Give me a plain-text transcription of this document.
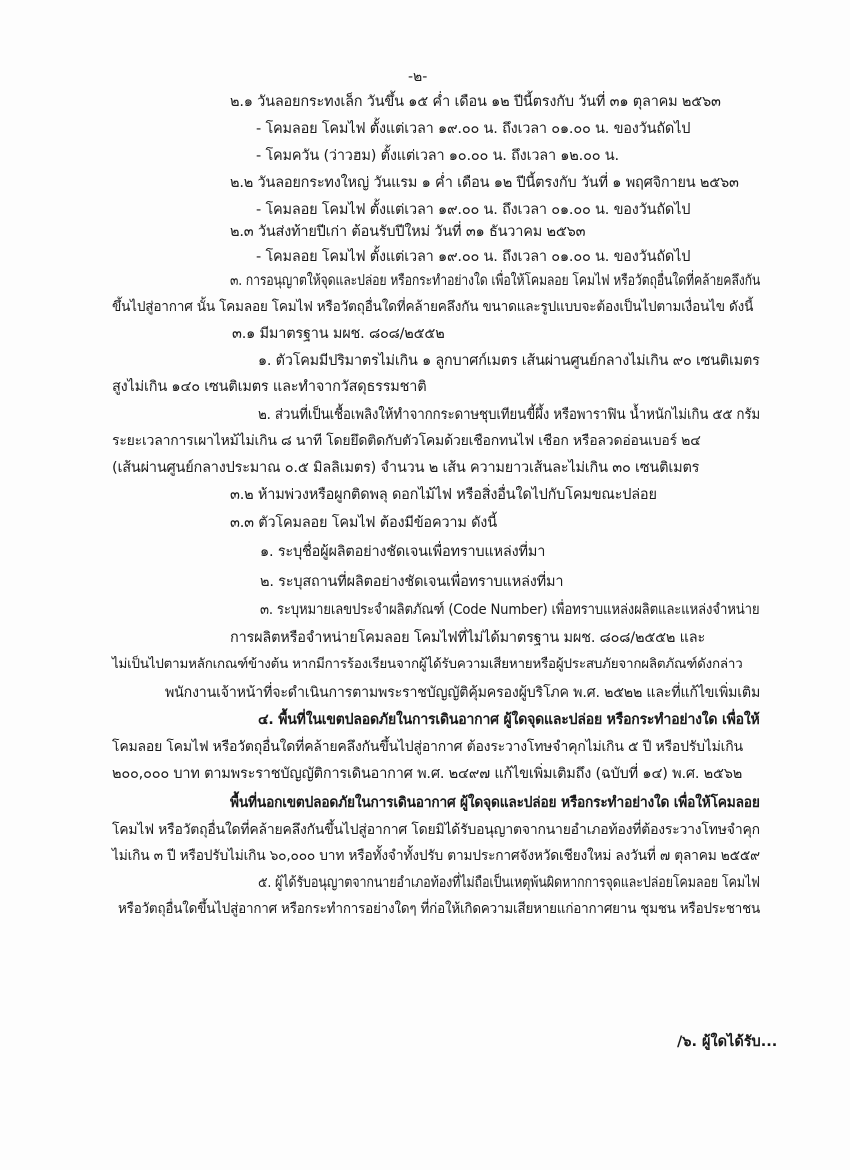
-๒-
๒.๑ วันลอยกระทงเล็ก วันขึ้น ๑๕ ค่ำ เดือน ๑๒ ปีนี้ตรงกับ วันที่ ๓๑ ตุลาคม ๒๕๖๓
- โคมลอย โคมไฟ ตั้งแต่เวลา ๑๙.๐๐ น. ถึงเวลา ๐๑.๐๐ น. ของวันถัดไป
- โคมควัน (ว่าวฮม) ตั้งแต่เวลา ๑๐.๐๐ น. ถึงเวลา ๑๒.๐๐ น.
๒.๒ วันลอยกระทงใหญ่ วันแรม ๑ ค่ำ เดือน ๑๒ ปีนี้ตรงกับ วันที่ ๑ พฤศจิกายน ๒๕๖๓
- โคมลอย โคมไฟ ตั้งแต่เวลา ๑๙.๐๐ น. ถึงเวลา ๐๑.๐๐ น. ของวันถัดไป
๒.๓ วันส่งท้ายปีเก่า ต้อนรับปีใหม่ วันที่ ๓๑ ธันวาคม ๒๕๖๓
- โคมลอย โคมไฟ ตั้งแต่เวลา ๑๙.๐๐ น. ถึงเวลา ๐๑.๐๐ น. ของวันถัดไป
๓. การอนุญาตให้จุดและปล่อย หรือกระทำอย่างใด เพื่อให้โคมลอย โคมไฟ หรือวัตถุอื่นใดที่คล้ายคลึงกัน
ขึ้นไปสู่อากาศ นั้น โคมลอย โคมไฟ หรือวัตถุอื่นใดที่คล้ายคลึงกัน ขนาดและรูปแบบจะต้องเป็นไปตามเงื่อนไข ดังนี้
๓.๑ มีมาตรฐาน มผช. ๘๐๘/๒๕๕๒
๑. ตัวโคมมีปริมาตรไม่เกิน ๑ ลูกบาศก์เมตร เส้นผ่านศูนย์กลางไม่เกิน ๙๐ เซนติเมตร
สูงไม่เกิน ๑๔๐ เซนติเมตร และทำจากวัสดุธรรมชาติ
๒. ส่วนที่เป็นเชื้อเพลิงให้ทำจากกระดาษชุบเทียนขี้ผึ้ง หรือพาราฟิน น้ำหนักไม่เกิน ๕๕ กรัม
ระยะเวลาการเผาไหม้ไม่เกิน ๘ นาที โดยยึดติดกับตัวโคมด้วยเชือกทนไฟ เชือก หรือลวดอ่อนเบอร์ ๒๔
(เส้นผ่านศูนย์กลางประมาณ ๐.๕ มิลลิเมตร) จำนวน ๒ เส้น ความยาวเส้นละไม่เกิน ๓๐ เซนติเมตร
๓.๒ ห้ามพ่วงหรือผูกติดพลุ ดอกไม้ไฟ หรือสิ่งอื่นใดไปกับโคมขณะปล่อย
๓.๓ ตัวโคมลอย โคมไฟ ต้องมีข้อความ ดังนี้
๑. ระบุชื่อผู้ผลิตอย่างชัดเจนเพื่อทราบแหล่งที่มา
๒. ระบุสถานที่ผลิตอย่างชัดเจนเพื่อทราบแหล่งที่มา
๓. ระบุหมายเลขประจำผลิตภัณฑ์ (Code Number) เพื่อทราบแหล่งผลิตและแหล่งจำหน่าย
การผลิตหรือจำหน่ายโคมลอย โคมไฟที่ไม่ได้มาตรฐาน มผช. ๘๐๘/๒๕๕๒ และ
ไม่เป็นไปตามหลักเกณฑ์ข้างต้น หากมีการร้องเรียนจากผู้ได้รับความเสียหายหรือผู้ประสบภัยจากผลิตภัณฑ์ดังกล่าว
พนักงานเจ้าหน้าที่จะดำเนินการตามพระราชบัญญัติคุ้มครองผู้บริโภค พ.ศ. ๒๕๒๒ และที่แก้ไขเพิ่มเติม
๔. พื้นที่ในเขตปลอดภัยในการเดินอากาศ ผู้ใดจุดและปล่อย หรือกระทำอย่างใด เพื่อให้
โคมลอย โคมไฟ หรือวัตถุอื่นใดที่คล้ายคลึงกันขึ้นไปสู่อากาศ ต้องระวางโทษจำคุกไม่เกิน ๕ ปี หรือปรับไม่เกิน
๒๐๐,๐๐๐ บาท ตามพระราชบัญญัติการเดินอากาศ พ.ศ. ๒๔๙๗ แก้ไขเพิ่มเติมถึง (ฉบับที่ ๑๔) พ.ศ. ๒๕๖๒
พื้นที่นอกเขตปลอดภัยในการเดินอากาศ ผู้ใดจุดและปล่อย หรือกระทำอย่างใด เพื่อให้โคมลอย
โคมไฟ หรือวัตถุอื่นใดที่คล้ายคลึงกันขึ้นไปสู่อากาศ โดยมิได้รับอนุญาตจากนายอำเภอท้องที่ต้องระวางโทษจำคุก
ไม่เกิน ๓ ปี หรือปรับไม่เกิน ๖๐,๐๐๐ บาท หรือทั้งจำทั้งปรับ ตามประกาศจังหวัดเชียงใหม่ ลงวันที่ ๗ ตุลาคม ๒๕๕๙
๕. ผู้ได้รับอนุญาตจากนายอำเภอท้องที่ไม่ถือเป็นเหตุพ้นผิดหากการจุดและปล่อยโคมลอย โคมไฟ
หรือวัตถุอื่นใดขึ้นไปสู่อากาศ หรือกระทำการอย่างใดๆ ที่ก่อให้เกิดความเสียหายแก่อากาศยาน ชุมชน หรือประชาชน
/๖. ผู้ใดได้รับ...
